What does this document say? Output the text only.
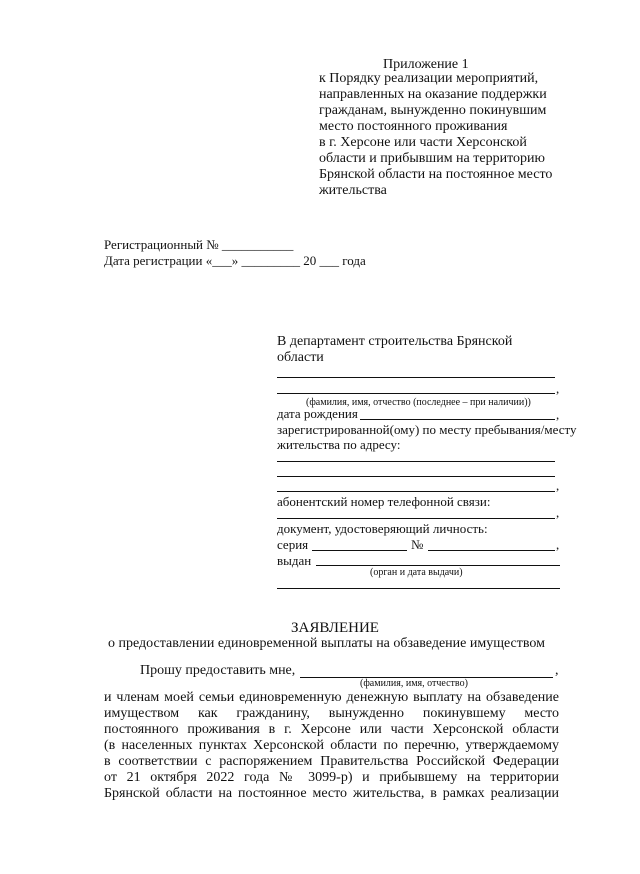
Приложение 1
к Порядку реализации мероприятий,
направленных на оказание поддержки
гражданам, вынужденно покинувшим
место постоянного проживания
в г. Херсоне или части Херсонской
области и прибывшим на территорию
Брянской области на постоянное место
жительства
Регистрационный № ___________
Дата регистрации «___» _________ 20 ___ года
В департамент строительства Брянской
области
,
(фамилия, имя, отчество (последнее – при наличии))
дата рождения	,
зарегистрированной(ому) по месту пребывания/месту
жительства по адресу:
,
абонентский номер телефонной связи:
,
документ, удостоверяющий личность:
серия	№	,
выдан
(орган и дата выдачи)
ЗАЯВЛЕНИЕ
о предоставлении единовременной выплаты на обзаведение имуществом
Прошу предоставить мне,	,
(фамилия, имя, отчество)
и членам моей семьи единовременную денежную выплату на обзаведение
имуществом как гражданину, вынужденно покинувшему место
постоянного проживания в г. Херсоне или части Херсонской области
(в населенных пунктах Херсонской области по перечню, утверждаемому
в соответствии с распоряжением Правительства Российской Федерации
от 21 октября 2022 года № 3099-р) и прибывшему на территории
Брянской области на постоянное место жительства, в рамках реализации
